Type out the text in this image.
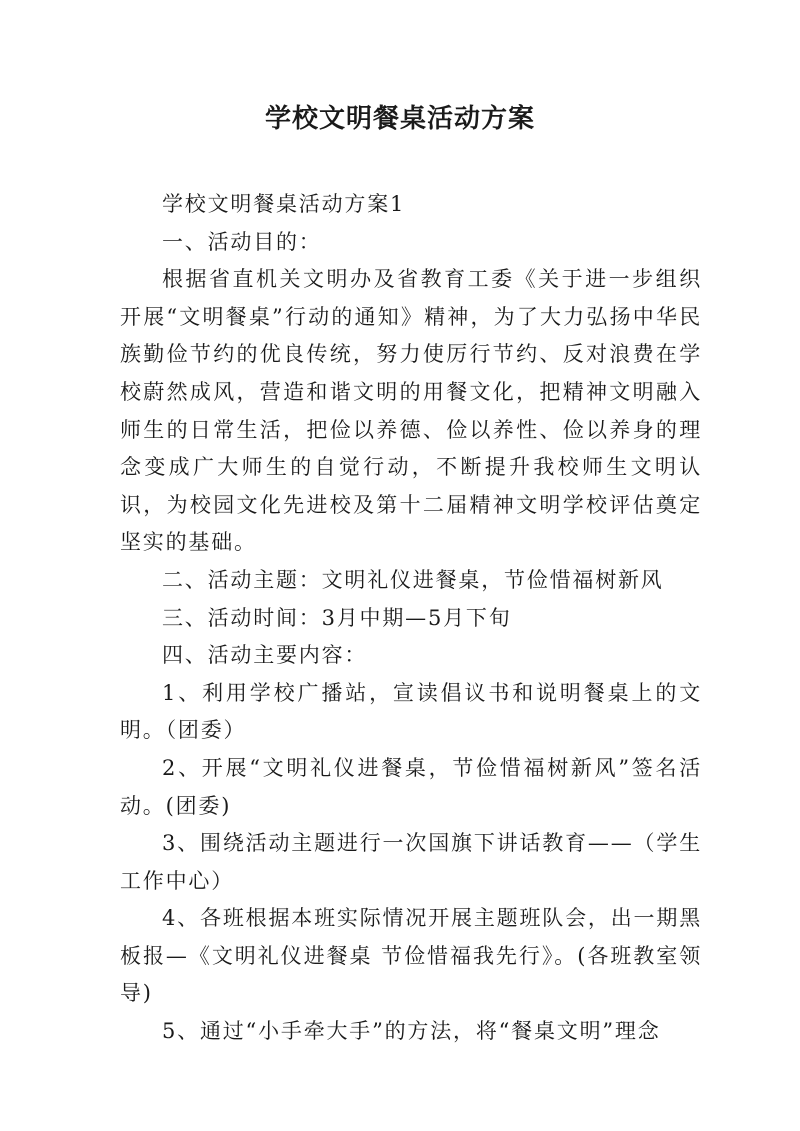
学校文明餐桌活动方案

学校文明餐桌活动方案1

一、活动目的：

根据省直机关文明办及省教育工委《关于进一步组织开展“文明餐桌”行动的通知》精神，为了大力弘扬中华民族勤俭节约的优良传统，努力使厉行节约、反对浪费在学校蔚然成风，营造和谐文明的用餐文化，把精神文明融入师生的日常生活，把俭以养德、俭以养性、俭以养身的理念变成广大师生的自觉行动，不断提升我校师生文明认识，为校园文化先进校及第十二届精神文明学校评估奠定坚实的基础。

二、活动主题：文明礼仪进餐桌，节俭惜福树新风

三、活动时间：3月中期—5月下旬

四、活动主要内容：

1、利用学校广播站，宣读倡议书和说明餐桌上的文明。（团委）

2、开展“文明礼仪进餐桌，节俭惜福树新风”签名活动。(团委)

3、围绕活动主题进行一次国旗下讲话教育——（学生工作中心）

4、各班根据本班实际情况开展主题班队会，出一期黑板报—《文明礼仪进餐桌 节俭惜福我先行》。(各班教室领导)

5、通过“小手牵大手”的方法，将“餐桌文明”理念
